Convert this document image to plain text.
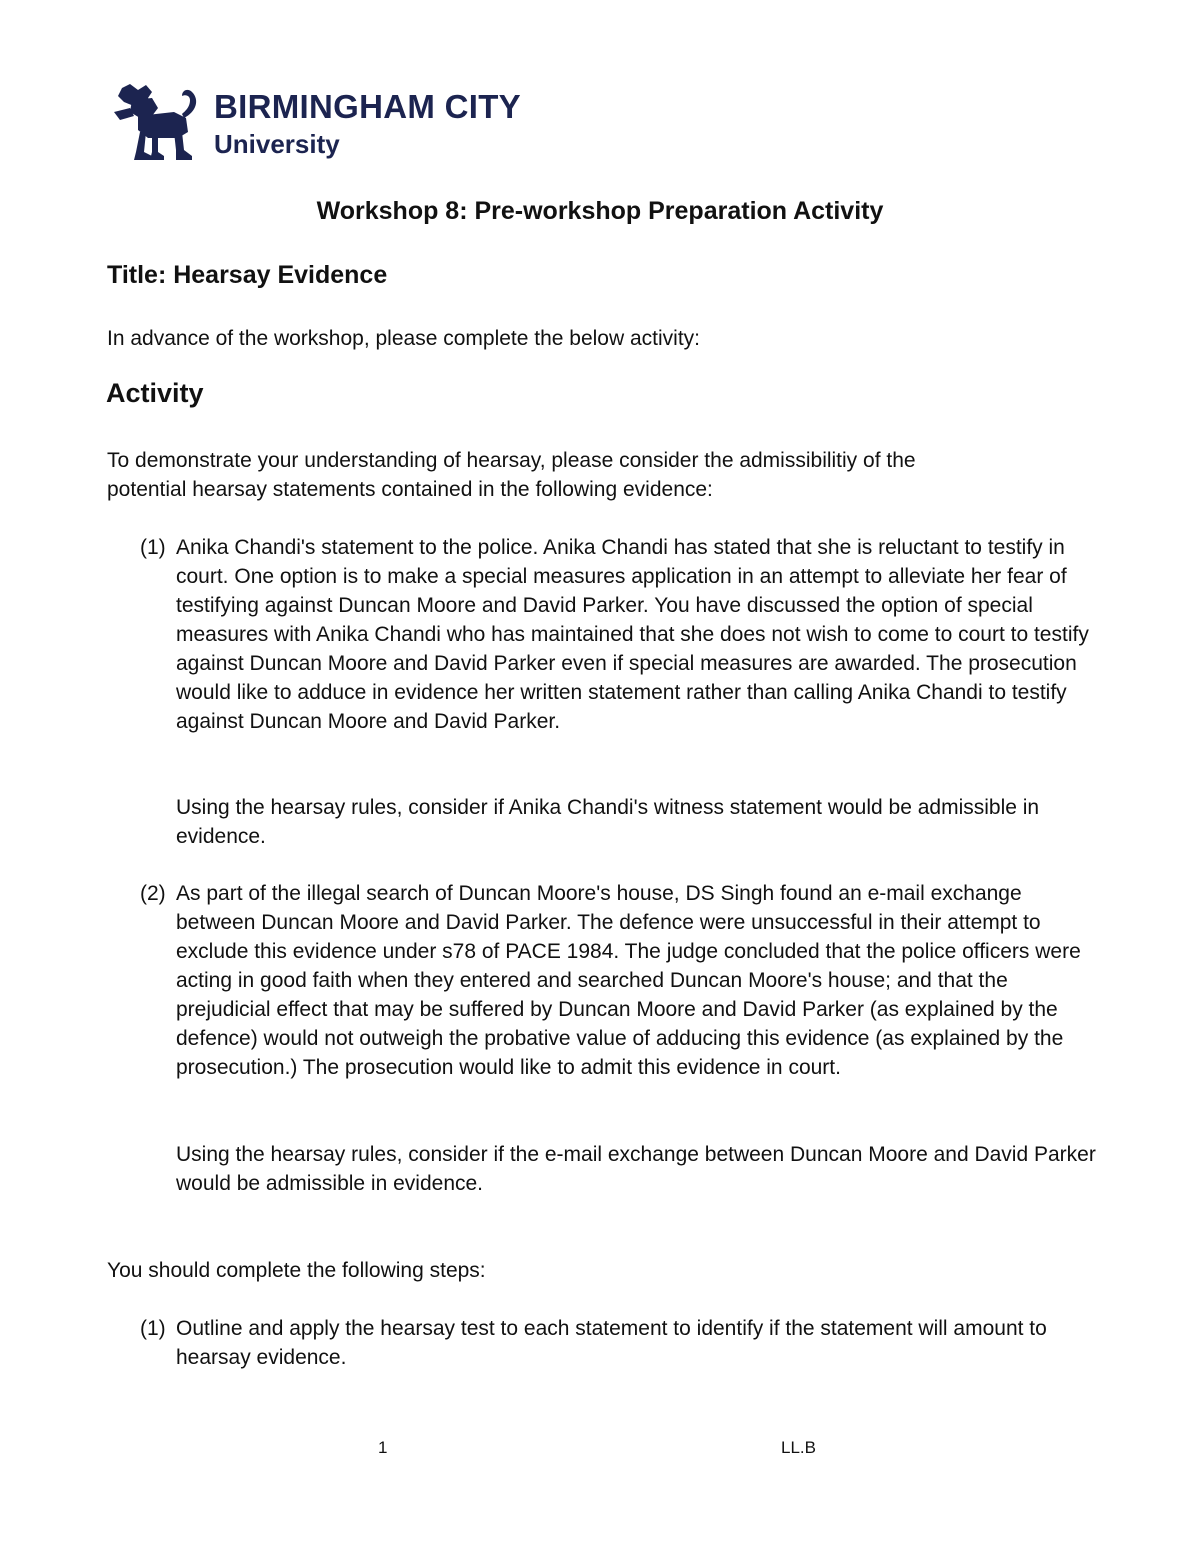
BIRMINGHAM CITY
University
Workshop 8: Pre-workshop Preparation Activity
Title: Hearsay Evidence
In advance of the workshop, please complete the below activity:
Activity
To demonstrate your understanding of hearsay, please consider the admissibilitiy of the
potential hearsay statements contained in the following evidence:
(1) Anika Chandi's statement to the police. Anika Chandi has stated that she is reluctant to testify in court. One option is to make a special measures application in an attempt to alleviate her fear of testifying against Duncan Moore and David Parker. You have discussed the option of special measures with Anika Chandi who has maintained that she does not wish to come to court to testify against Duncan Moore and David Parker even if special measures are awarded. The prosecution would like to adduce in evidence her written statement rather than calling Anika Chandi to testify against Duncan Moore and David Parker.
Using the hearsay rules, consider if Anika Chandi's witness statement would be admissible in evidence.
(2) As part of the illegal search of Duncan Moore's house, DS Singh found an e-mail exchange between Duncan Moore and David Parker. The defence were unsuccessful in their attempt to exclude this evidence under s78 of PACE 1984. The judge concluded that the police officers were acting in good faith when they entered and searched Duncan Moore's house; and that the prejudicial effect that may be suffered by Duncan Moore and David Parker (as explained by the defence) would not outweigh the probative value of adducing this evidence (as explained by the prosecution.) The prosecution would like to admit this evidence in court.
Using the hearsay rules, consider if the e-mail exchange between Duncan Moore and David Parker would be admissible in evidence.
You should complete the following steps:
(1) Outline and apply the hearsay test to each statement to identify if the statement will amount to hearsay evidence.
1	LL.B
